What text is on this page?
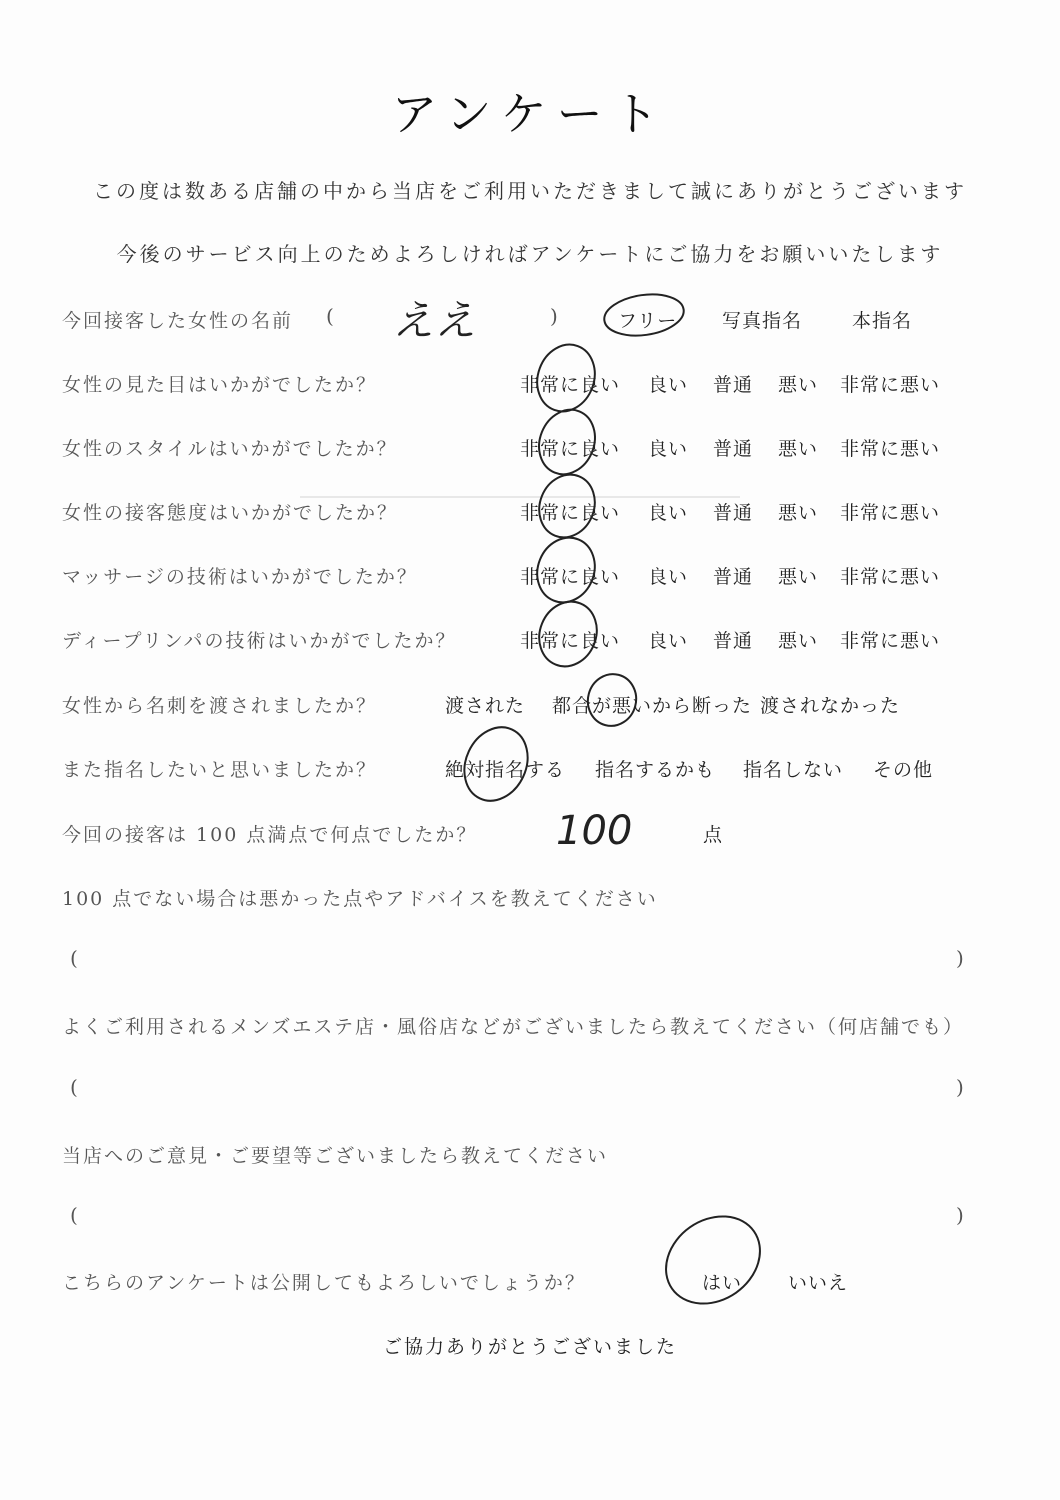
アンケート
この度は数ある店舗の中から当店をご利用いただきまして誠にありがとうございます
今後のサービス向上のためよろしければアンケートにご協力をお願いいたします
今回接客した女性の名前 ( ええ	)	フリー 写真指名	本指名
女性の見た目はいかがでしたか？	非常に良い 良い 普通 悪い 非常に悪い
女性のスタイルはいかがでしたか？	非常に良い 良い 普通 悪い 非常に悪い
女性の接客態度はいかがでしたか？	非常に良い 良い 普通 悪い 非常に悪い
マッサージの技術はいかがでしたか？	非常に良い 良い 普通 悪い 非常に悪い
ディープリンパの技術はいかがでしたか？	非常に良い 良い 普通 悪い 非常に悪い
女性から名刺を渡されましたか？	渡された 都合が悪いから断った 渡されなかった
また指名したいと思いましたか？	絶対指名する 指名するかも 指名しない その他
今回の接客は 100 点満点で何点でしたか？ 100	点
100 点でない場合は悪かった点やアドバイスを教えてください
(	)
よくご利用されるメンズエステ店・風俗店などがございましたら教えてください（何店舗でも）
(	)
当店へのご意見・ご要望等ございましたら教えてください
(	)
こちらのアンケートは公開してもよろしいでしょうか？	はい いいえ
ご協力ありがとうございました
